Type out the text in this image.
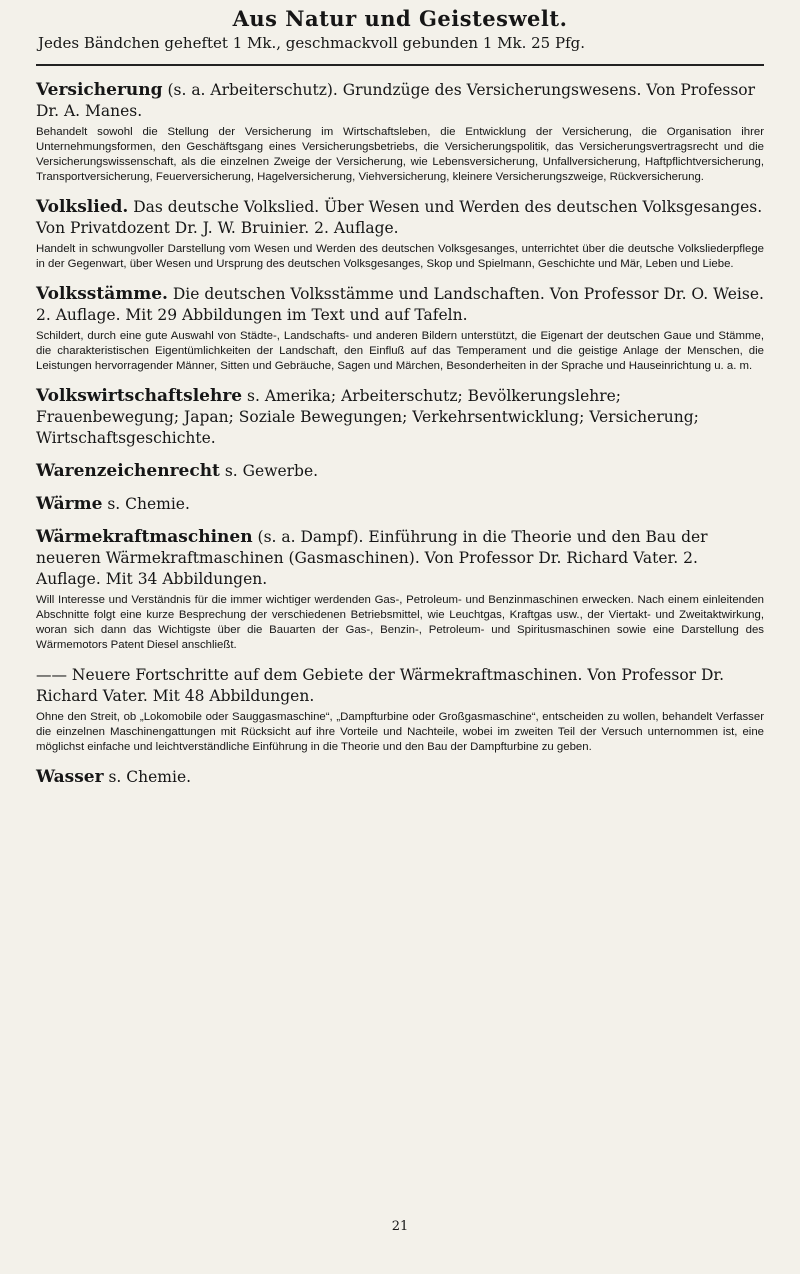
Aus Natur und Geisteswelt.

Jedes Bändchen geheftet 1 Mk., geschmackvoll gebunden 1 Mk. 25 Pfg.

Versicherung (s. a. Arbeiterschutz). Grundzüge des Versicherungswesens. Von Professor Dr. A. Manes.

Behandelt sowohl die Stellung der Versicherung im Wirtschaftsleben, die Entwicklung der Versicherung, die Organisation ihrer Unternehmungsformen, den Geschäftsgang eines Versicherungsbetriebs, die Versicherungspolitik, das Versicherungsvertragsrecht und die Versicherungswissenschaft, als die einzelnen Zweige der Versicherung, wie Lebensversicherung, Unfallversicherung, Haftpflichtversicherung, Transportversicherung, Feuerversicherung, Hagelversicherung, Viehversicherung, kleinere Versicherungszweige, Rückversicherung.

Volkslied. Das deutsche Volkslied. Über Wesen und Werden des deutschen Volksgesanges. Von Privatdozent Dr. J. W. Bruinier. 2. Auflage.

Handelt in schwungvoller Darstellung vom Wesen und Werden des deutschen Volksgesanges, unterrichtet über die deutsche Volksliederpflege in der Gegenwart, über Wesen und Ursprung des deutschen Volksgesanges, Skop und Spielmann, Geschichte und Mär, Leben und Liebe.

Volksstämme. Die deutschen Volksstämme und Landschaften. Von Professor Dr. O. Weise. 2. Auflage. Mit 29 Abbildungen im Text und auf Tafeln.

Schildert, durch eine gute Auswahl von Städte-, Landschafts- und anderen Bildern unterstützt, die Eigenart der deutschen Gaue und Stämme, die charakteristischen Eigentümlichkeiten der Landschaft, den Einfluß auf das Temperament und die geistige Anlage der Menschen, die Leistungen hervorragender Männer, Sitten und Gebräuche, Sagen und Märchen, Besonderheiten in der Sprache und Hauseinrichtung u. a. m.

Volkswirtschaftslehre s. Amerika; Arbeiterschutz; Bevölkerungslehre; Frauenbewegung; Japan; Soziale Bewegungen; Verkehrsentwicklung; Versicherung; Wirtschaftsgeschichte.

Warenzeichenrecht s. Gewerbe.

Wärme s. Chemie.

Wärmekraftmaschinen (s. a. Dampf). Einführung in die Theorie und den Bau der neueren Wärmekraftmaschinen (Gasmaschinen). Von Professor Dr. Richard Vater. 2. Auflage. Mit 34 Abbildungen.

Will Interesse und Verständnis für die immer wichtiger werdenden Gas-, Petroleum- und Benzinmaschinen erwecken. Nach einem einleitenden Abschnitte folgt eine kurze Besprechung der verschiedenen Betriebsmittel, wie Leuchtgas, Kraftgas usw., der Viertakt- und Zweitaktwirkung, woran sich dann das Wichtigste über die Bauarten der Gas-, Benzin-, Petroleum- und Spiritusmaschinen sowie eine Darstellung des Wärmemotors Patent Diesel anschließt.

—— Neuere Fortschritte auf dem Gebiete der Wärmekraftmaschinen. Von Professor Dr. Richard Vater. Mit 48 Abbildungen.

Ohne den Streit, ob „Lokomobile oder Sauggasmaschine“, „Dampfturbine oder Großgasmaschine“, entscheiden zu wollen, behandelt Verfasser die einzelnen Maschinengattungen mit Rücksicht auf ihre Vorteile und Nachteile, wobei im zweiten Teil der Versuch unternommen ist, eine möglichst einfache und leichtverständliche Einführung in die Theorie und den Bau der Dampfturbine zu geben.

Wasser s. Chemie.

21
